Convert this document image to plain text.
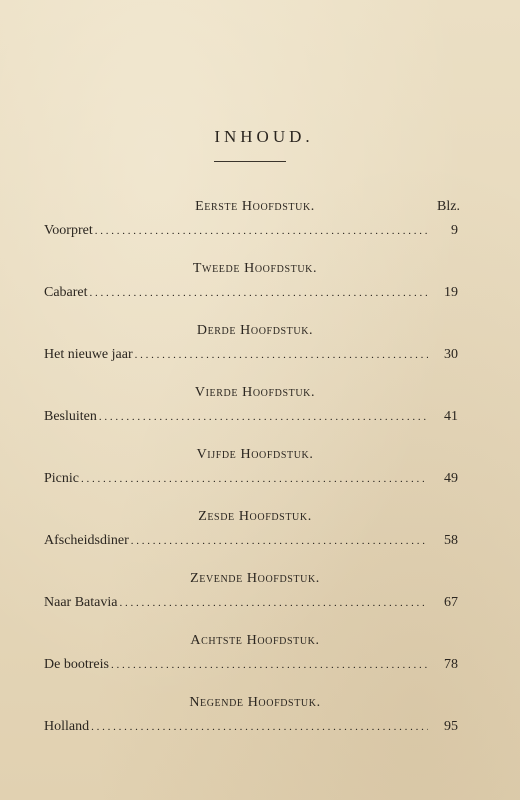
INHOUD.
Blz.
Eerste Hoofdstuk.
Voorpret . . .	9
Tweede Hoofdstuk.
Cabaret . . .	19
Derde Hoofdstuk.
Het nieuwe jaar . . .	30
Vierde Hoofdstuk.
Besluiten . . .	41
Vijfde Hoofdstuk.
Picnic . . .	49
Zesde Hoofdstuk.
Afscheidsdiner . . .	58
Zevende Hoofdstuk.
Naar Batavia . . .	67
Achtste Hoofdstuk.
De bootreis . . .	78
Negende Hoofdstuk.
Holland . . .	95
